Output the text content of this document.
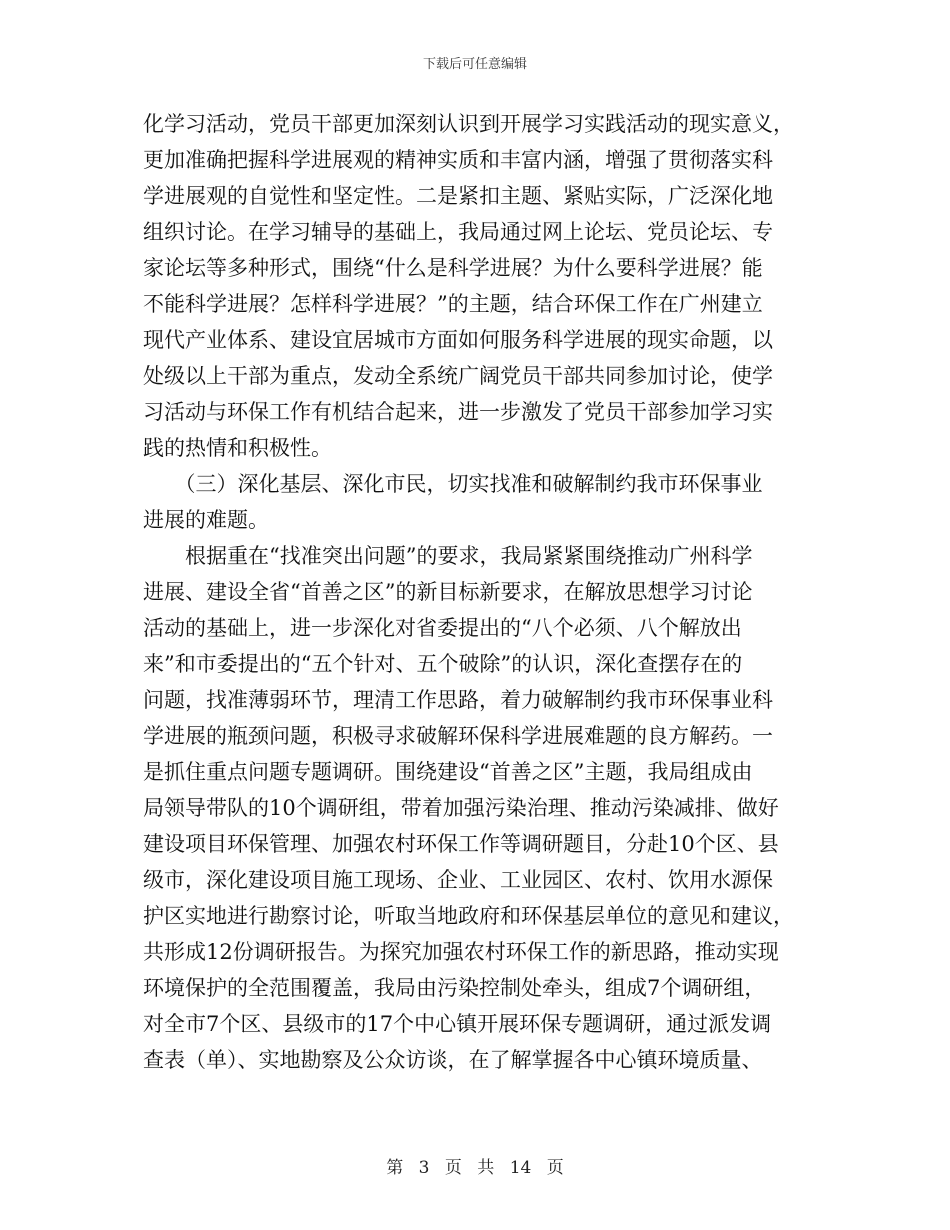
下载后可任意编辑
化学习活动，党员干部更加深刻认识到开展学习实践活动的现实意义，
更加准确把握科学进展观的精神实质和丰富内涵，增强了贯彻落实科
学进展观的自觉性和坚定性。二是紧扣主题、紧贴实际，广泛深化地
组织讨论。在学习辅导的基础上，我局通过网上论坛、党员论坛、专
家论坛等多种形式，围绕“什么是科学进展？为什么要科学进展？能
不能科学进展？怎样科学进展？”的主题，结合环保工作在广州建立
现代产业体系、建设宜居城市方面如何服务科学进展的现实命题，以
处级以上干部为重点，发动全系统广阔党员干部共同参加讨论，使学
习活动与环保工作有机结合起来，进一步激发了党员干部参加学习实
践的热情和积极性。
　　（三）深化基层、深化市民，切实找准和破解制约我市环保事业
进展的难题。
　　根据重在“找准突出问题”的要求，我局紧紧围绕推动广州科学
进展、建设全省“首善之区”的新目标新要求，在解放思想学习讨论
活动的基础上，进一步深化对省委提出的“八个必须、八个解放出
来”和市委提出的“五个针对、五个破除”的认识，深化查摆存在的
问题，找准薄弱环节，理清工作思路，着力破解制约我市环保事业科
学进展的瓶颈问题，积极寻求破解环保科学进展难题的良方解药。一
是抓住重点问题专题调研。围绕建设“首善之区”主题，我局组成由
局领导带队的10个调研组，带着加强污染治理、推动污染减排、做好
建设项目环保管理、加强农村环保工作等调研题目，分赴10个区、县
级市，深化建设项目施工现场、企业、工业园区、农村、饮用水源保
护区实地进行勘察讨论，听取当地政府和环保基层单位的意见和建议，
共形成12份调研报告。为探究加强农村环保工作的新思路，推动实现
环境保护的全范围覆盖，我局由污染控制处牵头，组成7个调研组，
对全市7个区、县级市的17个中心镇开展环保专题调研，通过派发调
查表（单）、实地勘察及公众访谈，在了解掌握各中心镇环境质量、
第 3 页 共 14 页
